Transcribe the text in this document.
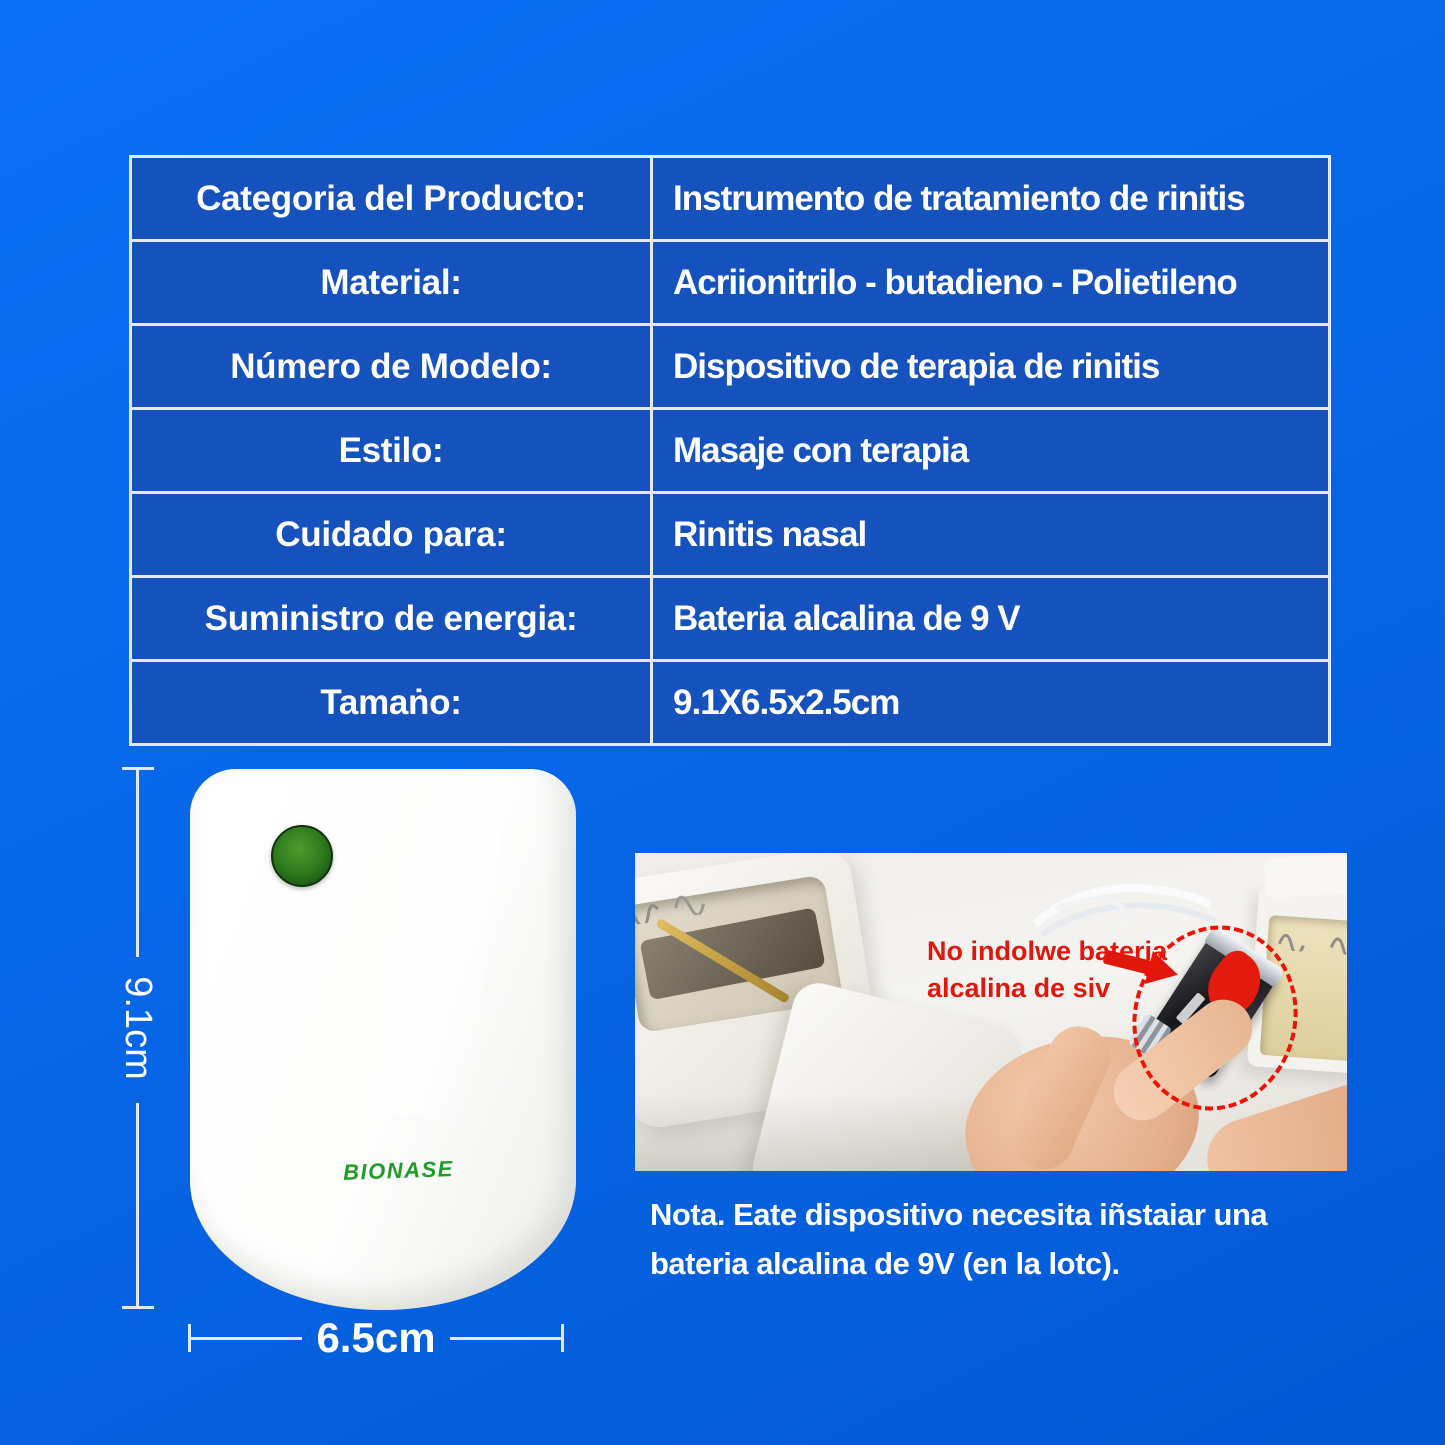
Categoria del Producto:	Instrumento de tratamiento de rinitis
Material:	Acriionitrilo - butadieno - Polietileno
Número de Modelo:	Dispositivo de terapia de rinitis
Estilo:	Masaje con terapia
Cuidado para:	Rinitis nasal
Suministro de energia:	Bateria alcalina de 9 V
Tamaṅo:	9.1X6.5x2.5cm
9.1cm
BIONASE
6.5cm
No indolwe bateria
alcalina de siv
Nota. Eate dispositivo necesita iñstaiar una
bateria alcalina de 9V (en la lotc).
